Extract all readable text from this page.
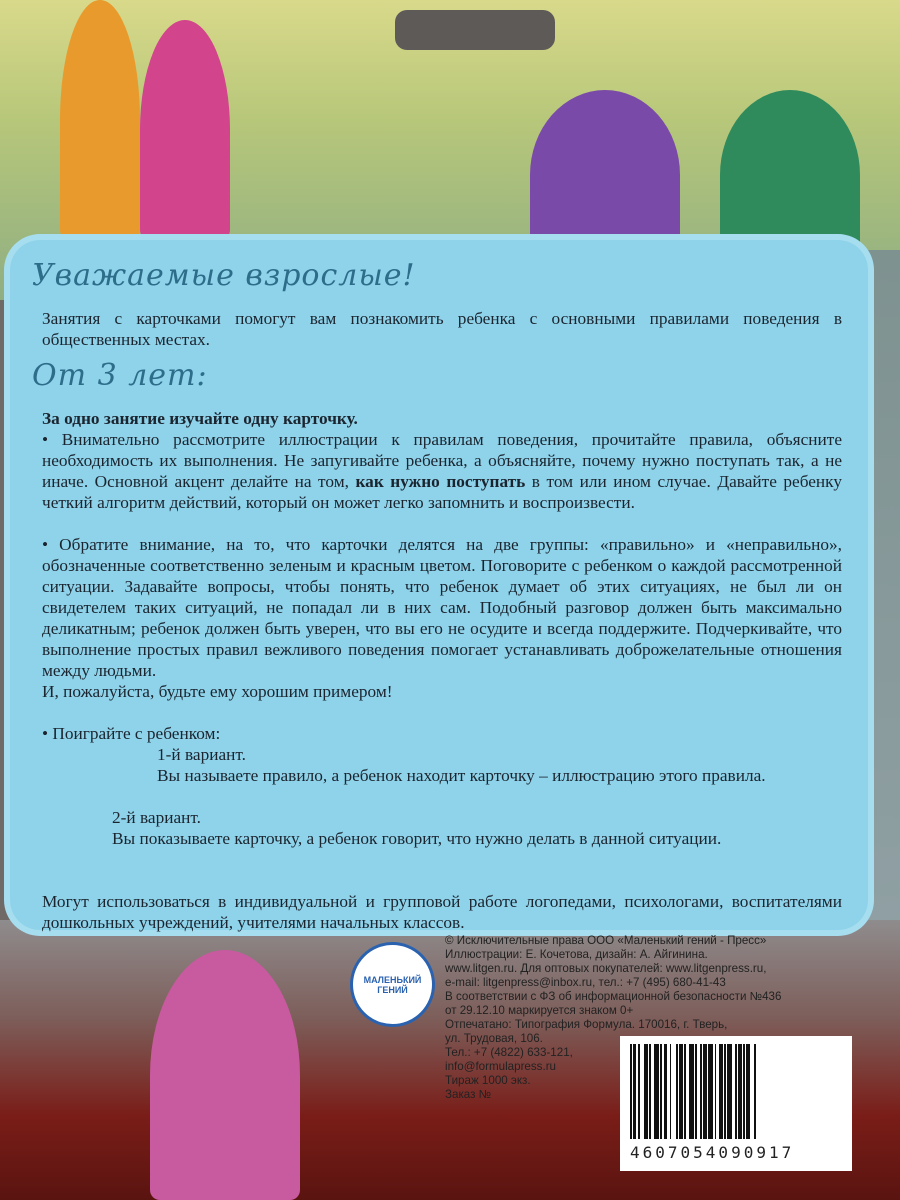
Уважаемые взрослые!
Занятия с карточками помогут вам познакомить ребенка с основными правилами поведения в общественных местах.
От 3 лет:
За одно занятие изучайте одну карточку.
• Внимательно рассмотрите иллюстрации к правилам поведения, прочитайте правила, объясните необходимость их выполнения. Не запугивайте ребенка, а объясняйте, почему нужно поступать так, а не иначе. Основной акцент делайте на том, как нужно поступать в том или ином случае. Давайте ребенку четкий алгоритм действий, который он может легко запомнить и воспроизвести.
• Обратите внимание, на то, что карточки делятся на две группы: «правильно» и «неправильно», обозначенные соответственно зеленым и красным цветом. Поговорите с ребенком о каждой рассмотренной ситуации. Задавайте вопросы, чтобы понять, что ребенок думает об этих ситуациях, не был ли он свидетелем таких ситуаций, не попадал ли в них сам. Подобный разговор должен быть максимально деликатным; ребенок должен быть уверен, что вы его не осудите и всегда поддержите. Подчеркивайте, что выполнение простых правил вежливого поведения помогает устанавливать доброжелательные отношения между людьми.
И, пожалуйста, будьте ему хорошим примером!
• Поиграйте с ребенком:
1-й вариант.
Вы называете правило, а ребенок находит карточку – иллюстрацию этого правила.
2-й вариант.
Вы показываете карточку, а ребенок говорит, что нужно делать в данной ситуации.
Могут использоваться в индивидуальной и групповой работе логопедами, психологами, воспитателями дошкольных учреждений, учителями начальных классов.
МАЛЕНЬКИЙ ГЕНИЙ
© Исключительные права ООО «Маленький гений - Пресс»
Иллюстрации: Е. Кочетова, дизайн: А. Айгинина.
www.litgen.ru. Для оптовых покупателей: www.litgenpress.ru,
e-mail: litgenpress@inbox.ru, тел.: +7 (495) 680-41-43
В соответствии с ФЗ об информационной безопасности №436
от 29.12.10 маркируется знаком 0+
Отпечатано: Типография Формула. 170016, г. Тверь,
ул. Трудовая, 106.
Тел.: +7 (4822) 633-121,
info@formulapress.ru
Тираж 1000 экз.
Заказ №
4607054090917
